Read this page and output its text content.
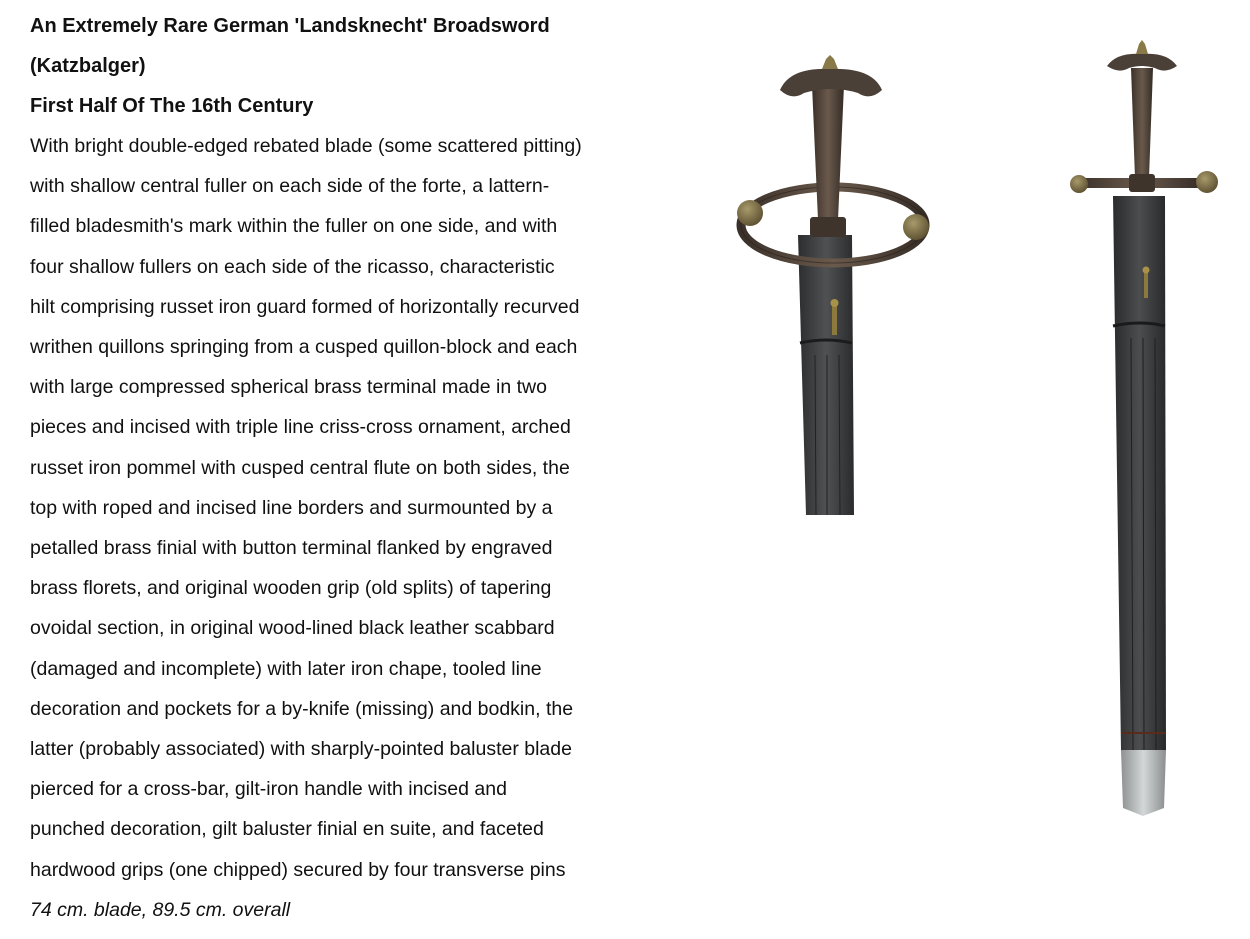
An Extremely Rare German 'Landsknecht' Broadsword

(Katzbalger)

First Half Of The 16th Century

With bright double-edged rebated blade (some scattered pitting)

with shallow central fuller on each side of the forte, a lattern-

filled bladesmith's mark within the fuller on one side, and with

four shallow fullers on each side of the ricasso, characteristic

hilt comprising russet iron guard formed of horizontally recurved

writhen quillons springing from a cusped quillon-block and each

with large compressed spherical brass terminal made in two

pieces and incised with triple line criss-cross ornament, arched

russet iron pommel with cusped central flute on both sides, the

top with roped and incised line borders and surmounted by a

petalled brass finial with button terminal flanked by engraved

brass florets, and original wooden grip (old splits) of tapering

ovoidal section, in original wood-lined black leather scabbard

(damaged and incomplete) with later iron chape, tooled line

decoration and pockets for a by-knife (missing) and bodkin, the

latter (probably associated) with sharply-pointed baluster blade

pierced for a cross-bar, gilt-iron handle with incised and

punched decoration, gilt baluster finial en suite, and faceted

hardwood grips (one chipped) secured by four transverse pins

74 cm. blade, 89.5 cm. overall
